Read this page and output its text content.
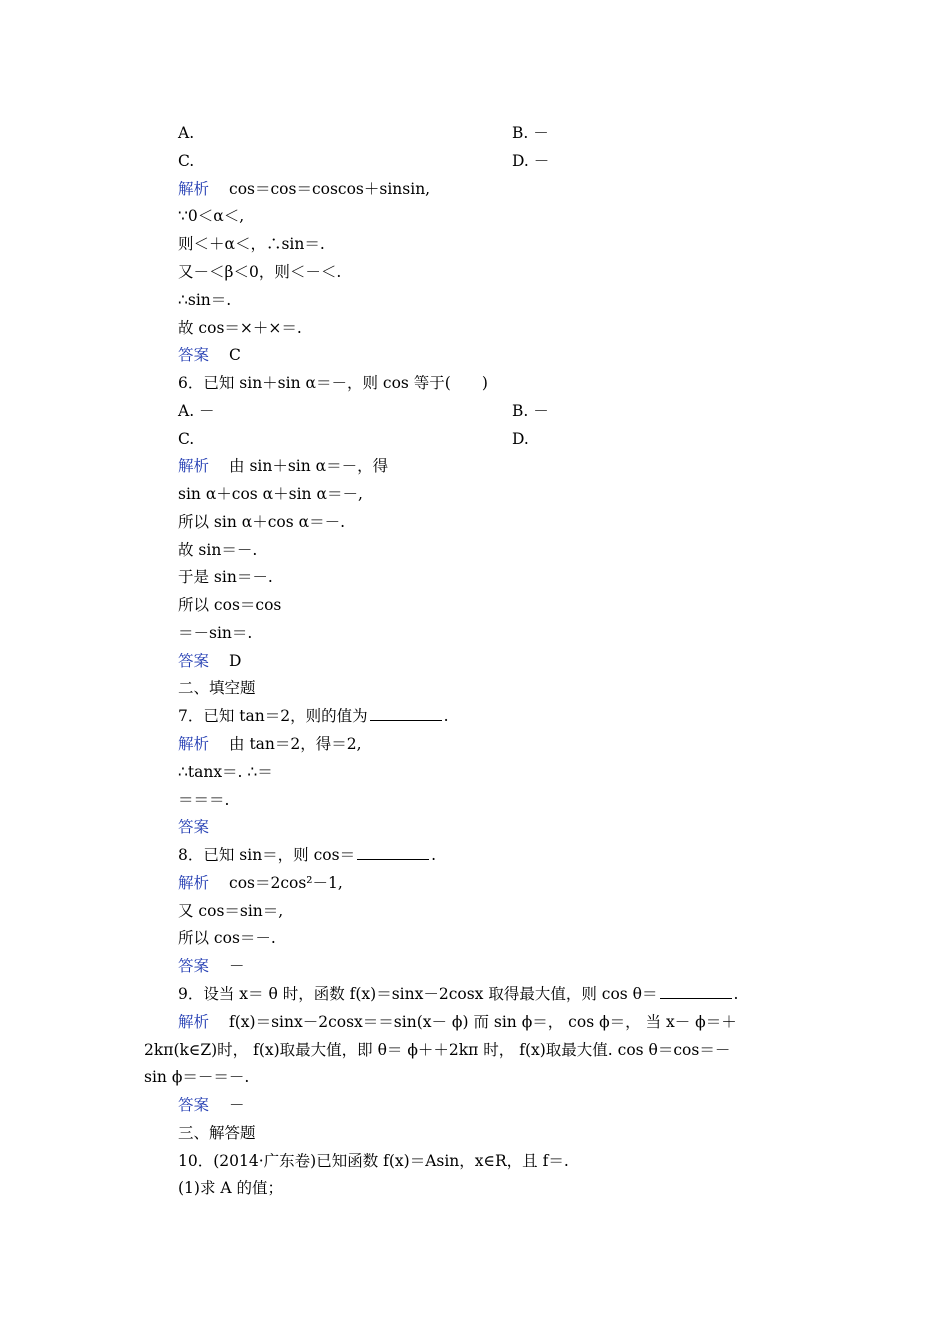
A.	B. －
C.	D. －
解析 cos＝cos＝coscos＋sinsin,
∵0＜α＜,
则＜＋α＜，∴sin＝.
又－＜β＜0，则＜－＜.
∴sin＝.
故 cos＝×＋×＝.
答案 C
6．已知 sin＋sin α＝－，则 cos 等于(　　)
A. －	B. －
C.	D.
解析 由 sin＋sin α＝－，得
sin α＋cos α＋sin α＝－,
所以 sin α＋cos α＝－.
故 sin＝－.
于是 sin＝－.
所以 cos＝cos
＝－sin＝.
答案 D
二、填空题
7．已知 tan＝2，则的值为	.
解析 由 tan＝2，得＝2,
∴tanx＝. ∴＝
＝＝＝.
答案
8．已知 sin＝，则 cos＝	.
解析 cos＝2cos²－1,
又 cos＝sin＝,
所以 cos＝－.
答案 －
9．设当 x＝ θ 时，函数 f(x)＝sinx－2cosx 取得最大值，则 cos θ＝	.
解析 f(x)＝sinx－2cosx＝＝sin(x－ ϕ) 而 sin ϕ＝， cos ϕ＝， 当 x－ ϕ＝＋
2kπ(k∈Z)时， f(x)取最大值，即 θ＝ ϕ＋＋2kπ 时， f(x)取最大值. cos θ＝cos＝－
sin ϕ＝－＝－.
答案 －
三、解答题
10．(2014·广东卷)已知函数 f(x)＝Asin，x∈R，且 f＝.
(1)求 A 的值；
